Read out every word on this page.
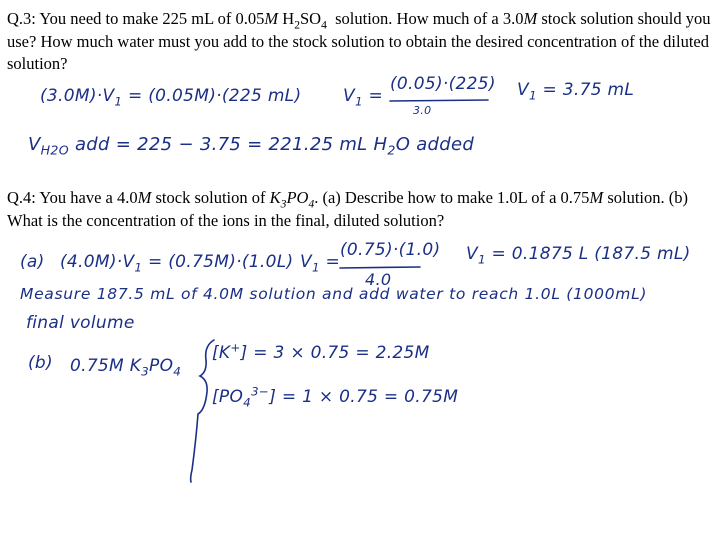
Q.3: You need to make 225 mL of 0.05M $H_2SO_4$ solution. How much of a 3.0M stock solution should you use? How much water must you add to the stock solution to obtain the desired concentration of the diluted solution?

$(3.0M)\cdot V_1 = (0.05M)\cdot(225$ mL) $V_1$ =
(0.05)·(225)
3.0
$V_1 = 3.75$ mL
$V_{H2O}$ add = 225 − 3.75 = 221.25 mL $H_2O$ added

Q.4: You have a 4.0M stock solution of $K_3PO_4$. (a) Describe how to make 1.0L of a 0.75M solution. (b) What is the concentration of the ions in the final, diluted solution?

(a) $(4.0M)\cdot V_1 = (0.75M)\cdot(1.0L) V_1$ =
(0.75)·(1.0)
4.0
$V_1 = 0.1875$ L (187.5 mL)
Measure 187.5 mL of 4.0M solution and add water to reach 1.0L (1000mL)
final volume
(b) 0.75M $K_3PO_4$
[K+] = 3 × 0.75 = 2.25M
$[PO_4^{3-}] = 1 \times 0.75 = 0.75M$
